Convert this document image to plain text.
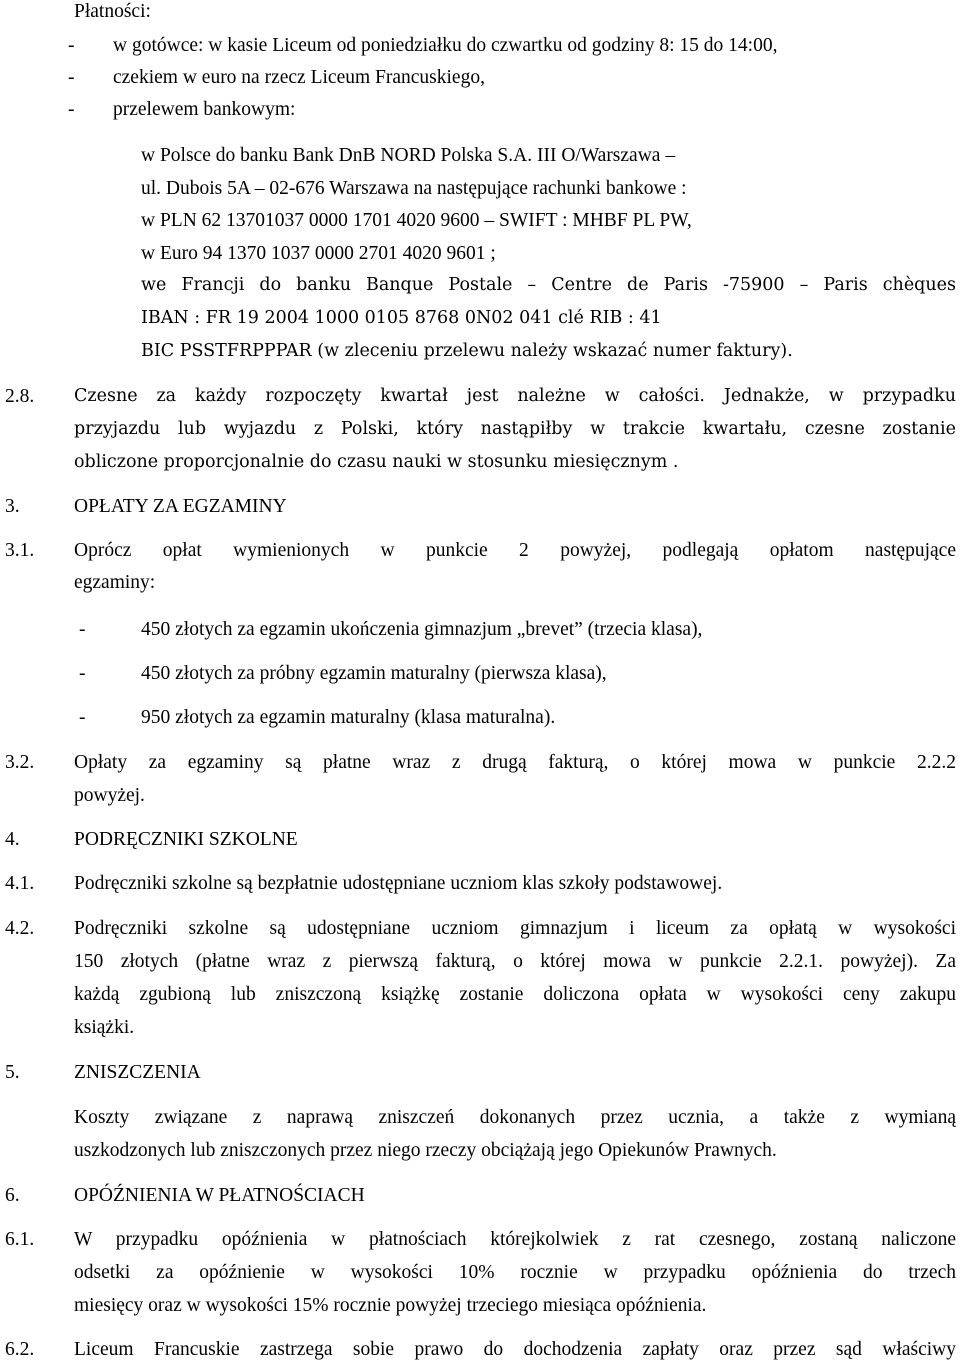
Płatności:
- w gotówce: w kasie Liceum od poniedziałku do czwartku od godziny 8: 15 do 14:00,
- czekiem w euro na rzecz Liceum Francuskiego,
- przelewem bankowym:
w Polsce do banku Bank DnB NORD Polska S.A. III O/Warszawa –
ul. Dubois 5A – 02-676 Warszawa na następujące rachunki bankowe :
w PLN 62 13701037 0000 1701 4020 9600 – SWIFT : MHBF PL PW,
w Euro 94 1370 1037 0000 2701 4020 9601 ;
we Francji do banku Banque Postale – Centre de Paris -75900 – Paris chèques
IBAN : FR 19 2004 1000 0105 8768 0N02 041 clé RIB : 41
BIC PSSTFRPPPAR (w zleceniu przelewu należy wskazać numer faktury).
2.8. Czesne za każdy rozpoczęty kwartał jest należne w całości. Jednakże, w przypadku
przyjazdu lub wyjazdu z Polski, który nastąpiłby w trakcie kwartału, czesne zostanie
obliczone proporcjonalnie do czasu nauki w stosunku miesięcznym .
3.	OPŁATY ZA EGZAMINY
3.1. Oprócz opłat wymienionych w punkcie 2 powyżej, podlegają opłatom następujące
egzaminy:
-	450 złotych za egzamin ukończenia gimnazjum „brevet” (trzecia klasa),
-	450 złotych za próbny egzamin maturalny (pierwsza klasa),
-	950 złotych za egzamin maturalny (klasa maturalna).
3.2. Opłaty za egzaminy są płatne wraz z drugą fakturą, o której mowa w punkcie 2.2.2
powyżej.
4.	PODRĘCZNIKI SZKOLNE
4.1. Podręczniki szkolne są bezpłatnie udostępniane uczniom klas szkoły podstawowej.
4.2. Podręczniki szkolne są udostępniane uczniom gimnazjum i liceum za opłatą w wysokości
150 złotych (płatne wraz z pierwszą fakturą, o której mowa w punkcie 2.2.1. powyżej). Za
każdą zgubioną lub zniszczoną książkę zostanie doliczona opłata w wysokości ceny zakupu
książki.
5.	ZNISZCZENIA
Koszty związane z naprawą zniszczeń dokonanych przez ucznia, a także z wymianą
uszkodzonych lub zniszczonych przez niego rzeczy obciążają jego Opiekunów Prawnych.
6.	OPÓŹNIENIA W PŁATNOŚCIACH
6.1. W przypadku opóźnienia w płatnościach którejkolwiek z rat czesnego, zostaną naliczone
odsetki za opóźnienie w wysokości 10% rocznie w przypadku opóźnienia do trzech
miesięcy oraz w wysokości 15% rocznie powyżej trzeciego miesiąca opóźnienia.
6.2. Liceum Francuskie zastrzega sobie prawo do dochodzenia zapłaty oraz przez sąd właściwy
